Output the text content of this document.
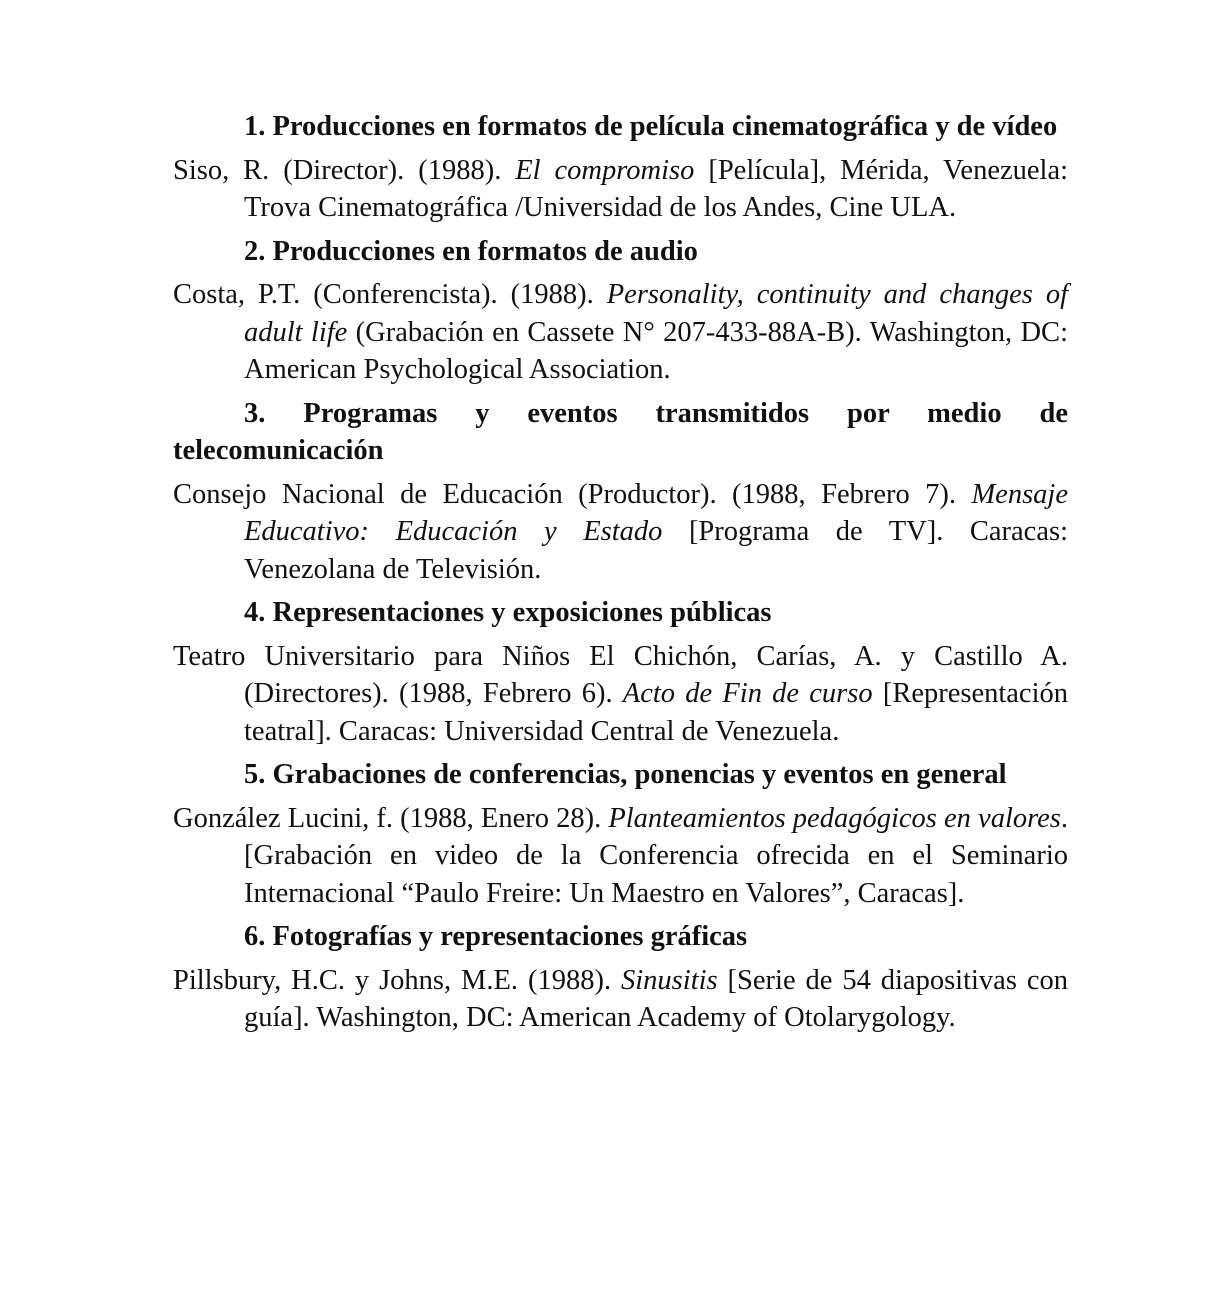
1. Producciones en formatos de película cinematográfica y de vídeo
Siso, R. (Director). (1988). El compromiso [Película], Mérida, Venezuela: Trova Cinematográfica /Universidad de los Andes, Cine ULA.
2. Producciones en formatos de audio
Costa, P.T. (Conferencista). (1988). Personality, continuity and changes of adult life (Grabación en Cassete N° 207-433-88A-B). Washington, DC: American Psychological Association.
3. Programas y eventos transmitidos por medio de telecomunicación
Consejo Nacional de Educación (Productor). (1988, Febrero 7). Mensaje Educativo: Educación y Estado [Programa de TV]. Caracas: Venezolana de Televisión.
4. Representaciones y exposiciones públicas
Teatro Universitario para Niños El Chichón, Carías, A. y Castillo A. (Directores). (1988, Febrero 6). Acto de Fin de curso [Representación teatral]. Caracas: Universidad Central de Venezuela.
5. Grabaciones de conferencias, ponencias y eventos en general
González Lucini, f. (1988, Enero 28). Planteamientos pedagógicos en valores.[Grabación en video de la Conferencia ofrecida en el Seminario Internacional “Paulo Freire: Un Maestro en Valores”, Caracas].
6. Fotografías y representaciones gráficas
Pillsbury, H.C. y Johns, M.E. (1988). Sinusitis [Serie de 54 diapositivas con guía]. Washington, DC: American Academy of Otolarygology.
